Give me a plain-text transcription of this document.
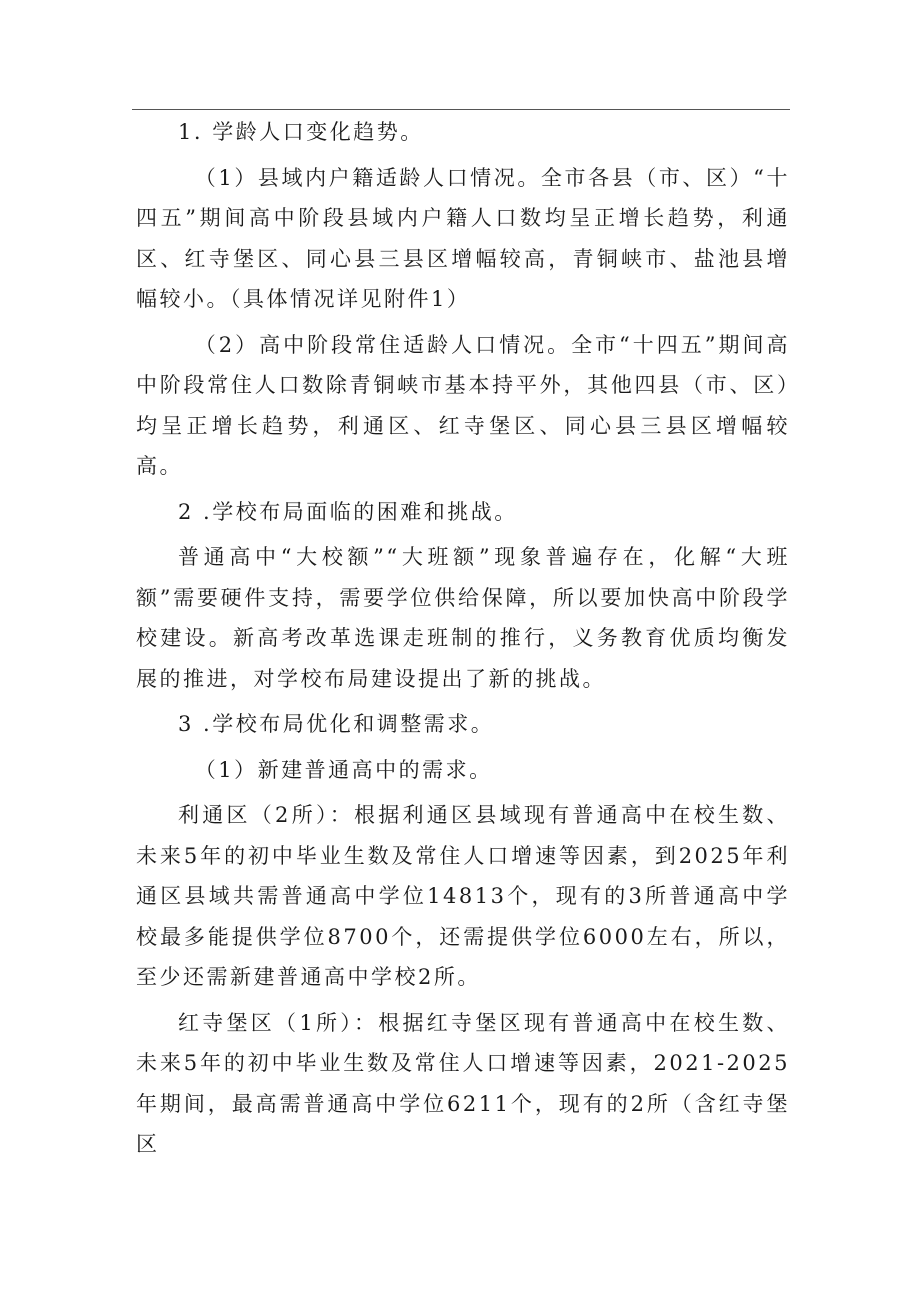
1. 学龄人口变化趋势。

（1）县域内户籍适龄人口情况。全市各县（市、区）“十四五”期间高中阶段县域内户籍人口数均呈正增长趋势，利通区、红寺堡区、同心县三县区增幅较高，青铜峡市、盐池县增幅较小。（具体情况详见附件1）

（2）高中阶段常住适龄人口情况。全市“十四五”期间高中阶段常住人口数除青铜峡市基本持平外，其他四县（市、区）均呈正增长趋势，利通区、红寺堡区、同心县三县区增幅较高。

2 .学校布局面临的困难和挑战。

普通高中“大校额”“大班额”现象普遍存在，化解“大班额”需要硬件支持，需要学位供给保障，所以要加快高中阶段学校建设。新高考改革选课走班制的推行，义务教育优质均衡发展的推进，对学校布局建设提出了新的挑战。

3 .学校布局优化和调整需求。

（1）新建普通高中的需求。

利通区（2所）：根据利通区县域现有普通高中在校生数、未来5年的初中毕业生数及常住人口增速等因素，到2025年利通区县域共需普通高中学位14813个，现有的3所普通高中学校最多能提供学位8700个，还需提供学位6000左右，所以，至少还需新建普通高中学校2所。

红寺堡区（1所）：根据红寺堡区现有普通高中在校生数、未来5年的初中毕业生数及常住人口增速等因素，2021-2025年期间，最高需普通高中学位6211个，现有的2所（含红寺堡区
